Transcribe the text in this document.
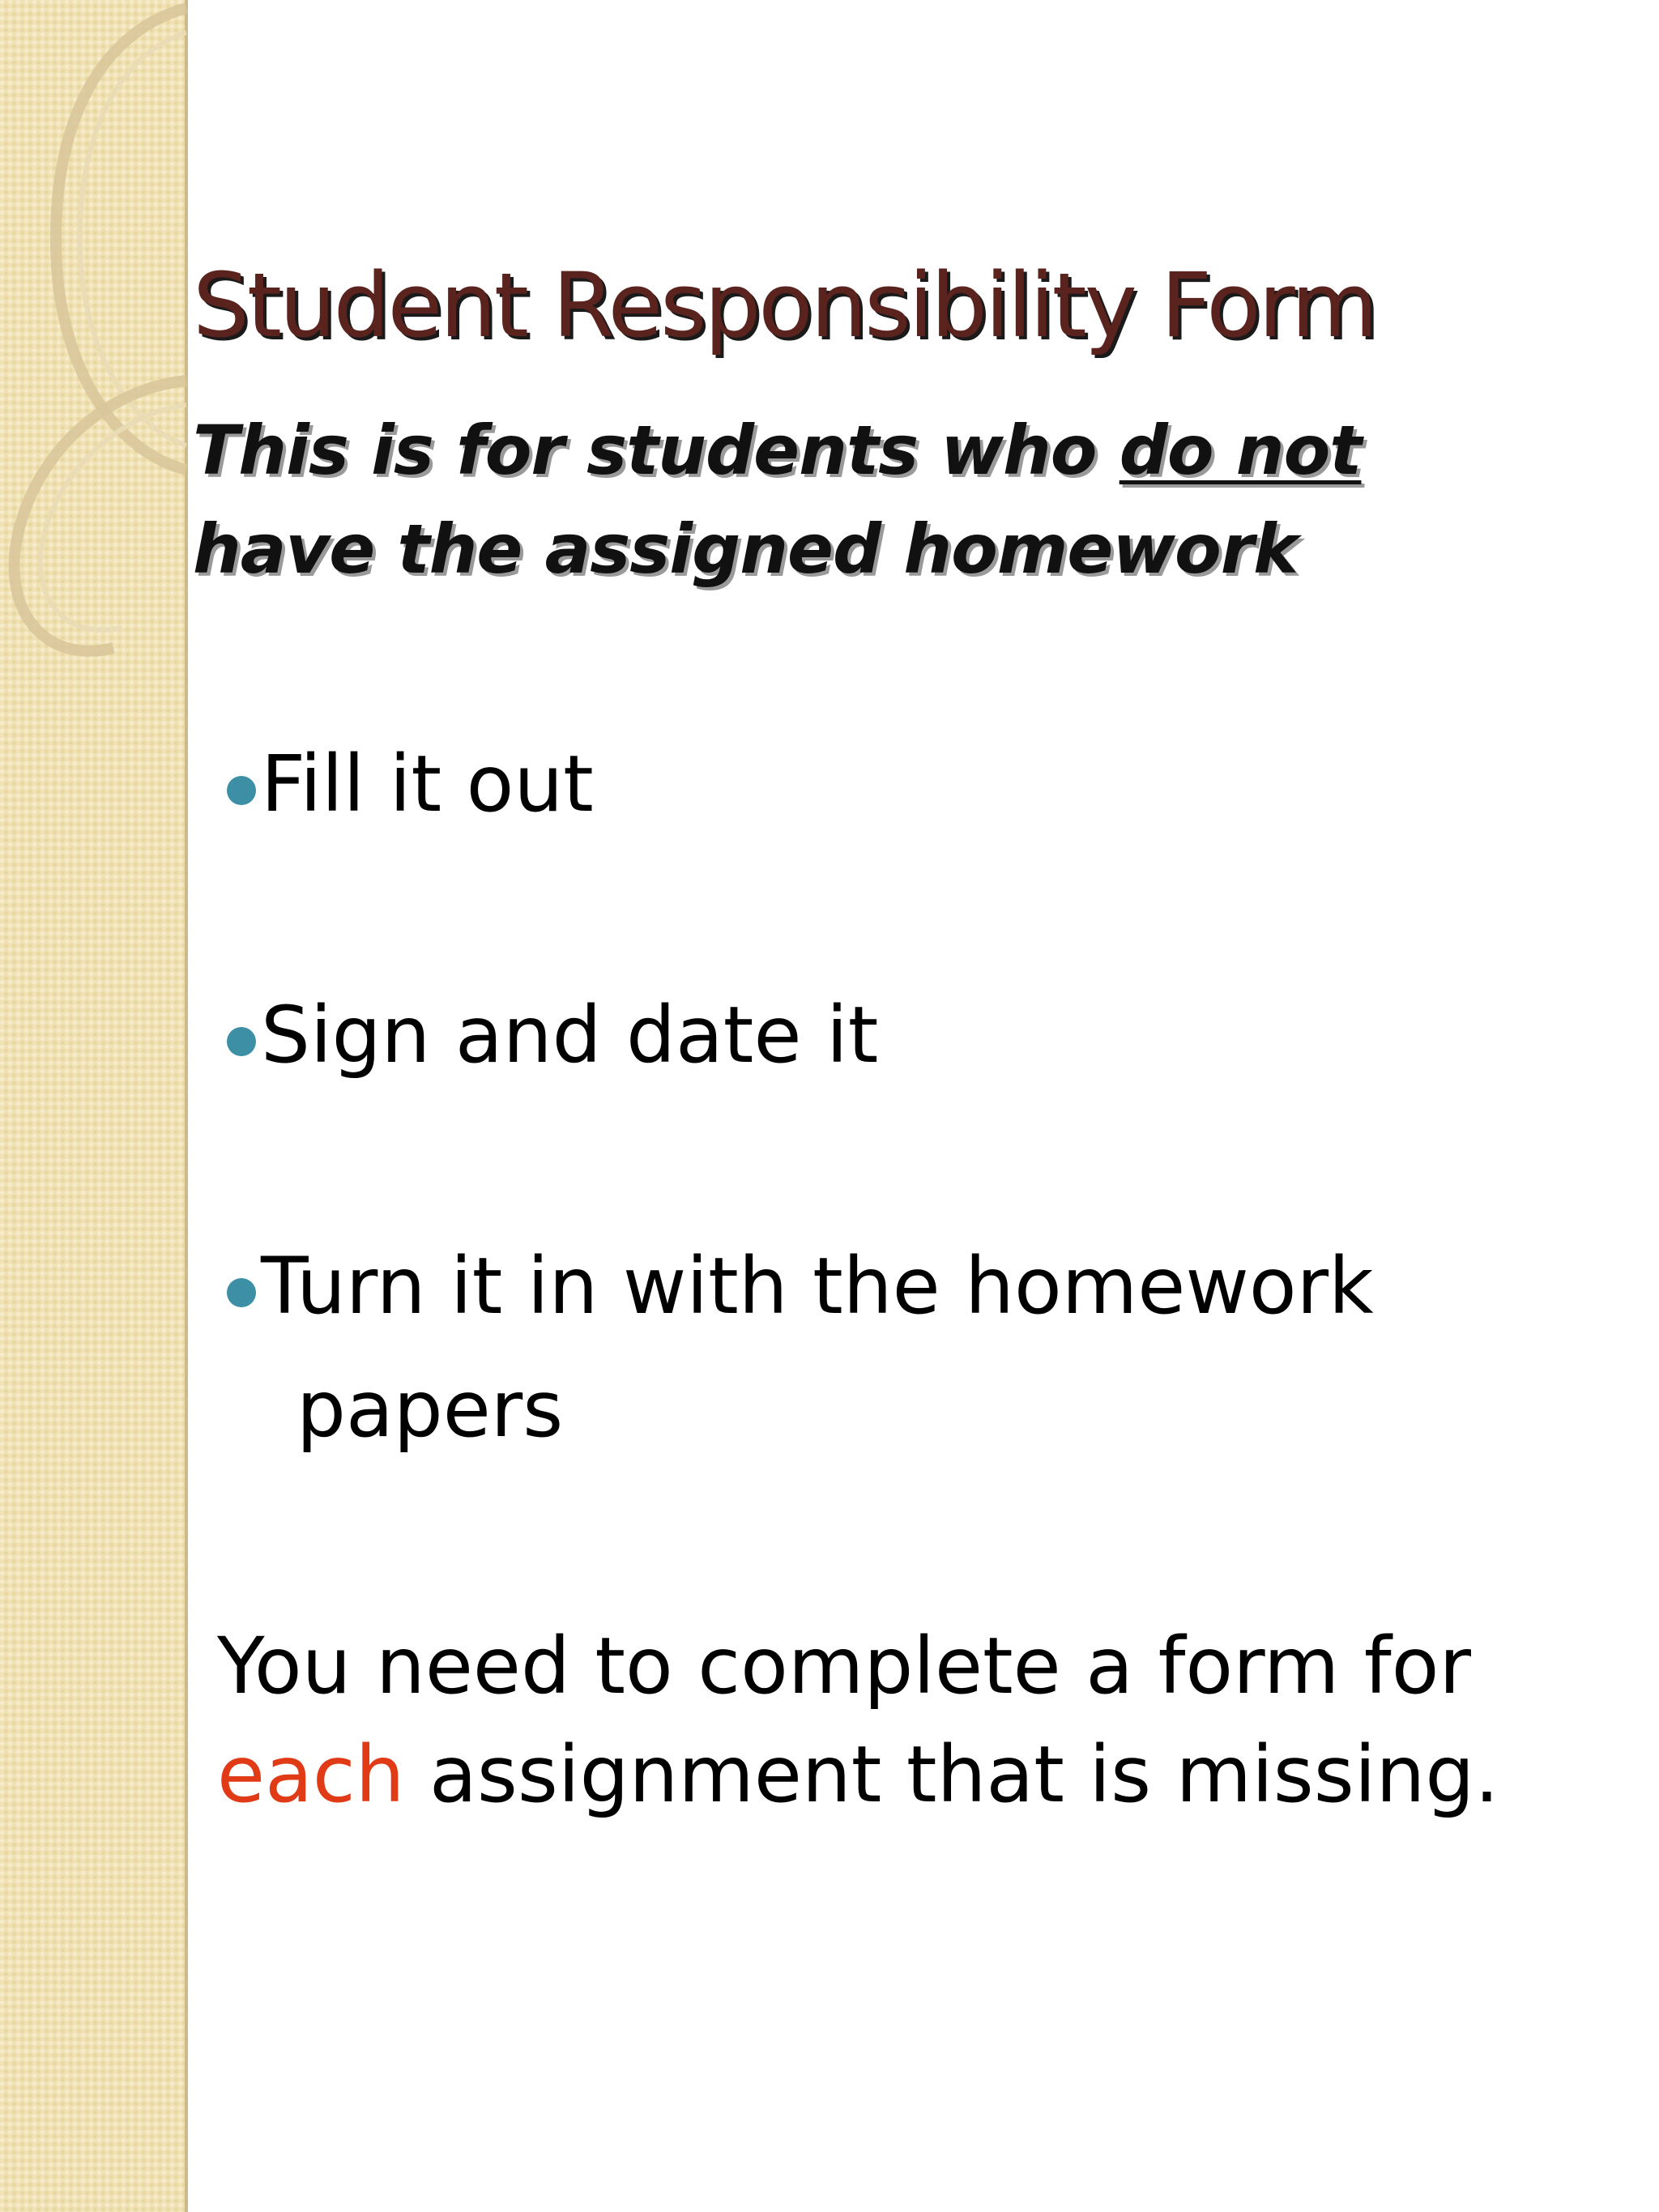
Student Responsibility Form
This is for students who do not
have the assigned homework
Fill it out
Sign and date it
Turn it in with the homework
papers
You need to complete a form for
each assignment that is missing.
